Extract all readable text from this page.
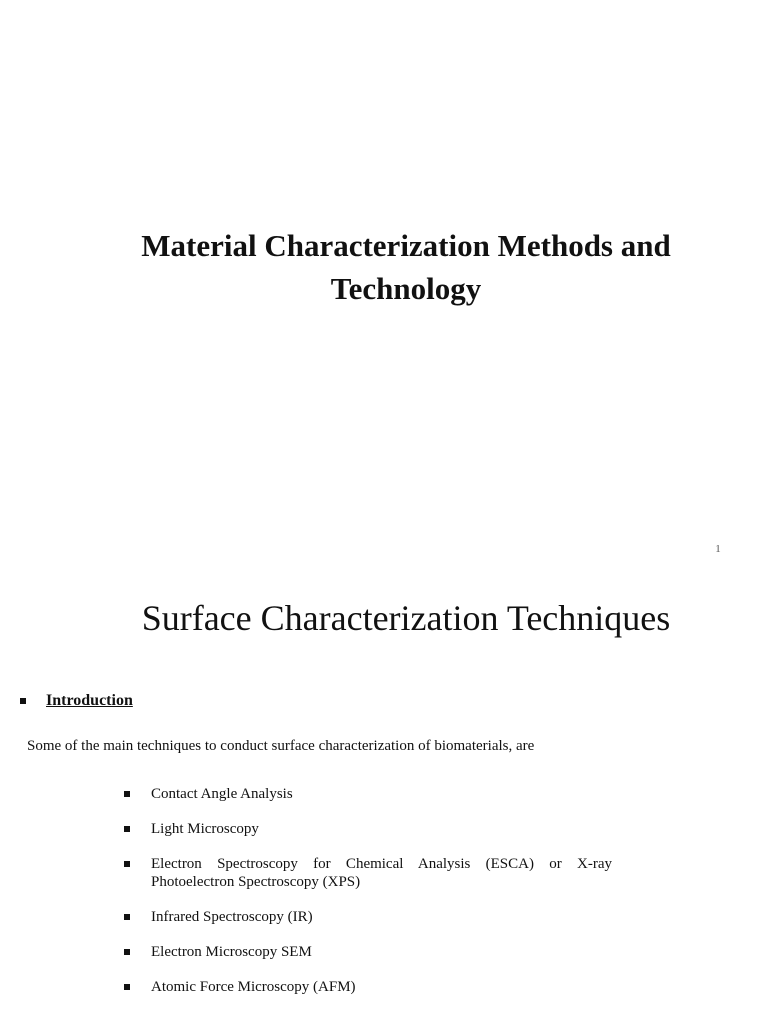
Material Characterization Methods and
Technology
1
Surface Characterization Techniques
Introduction
Some of the main techniques to conduct surface characterization of biomaterials, are
Contact Angle Analysis
Light Microscopy
Electron Spectroscopy for Chemical Analysis (ESCA) or X-ray Photoelectron Spectroscopy (XPS)
Infrared Spectroscopy (IR)
Electron Microscopy SEM
Atomic Force Microscopy (AFM)
